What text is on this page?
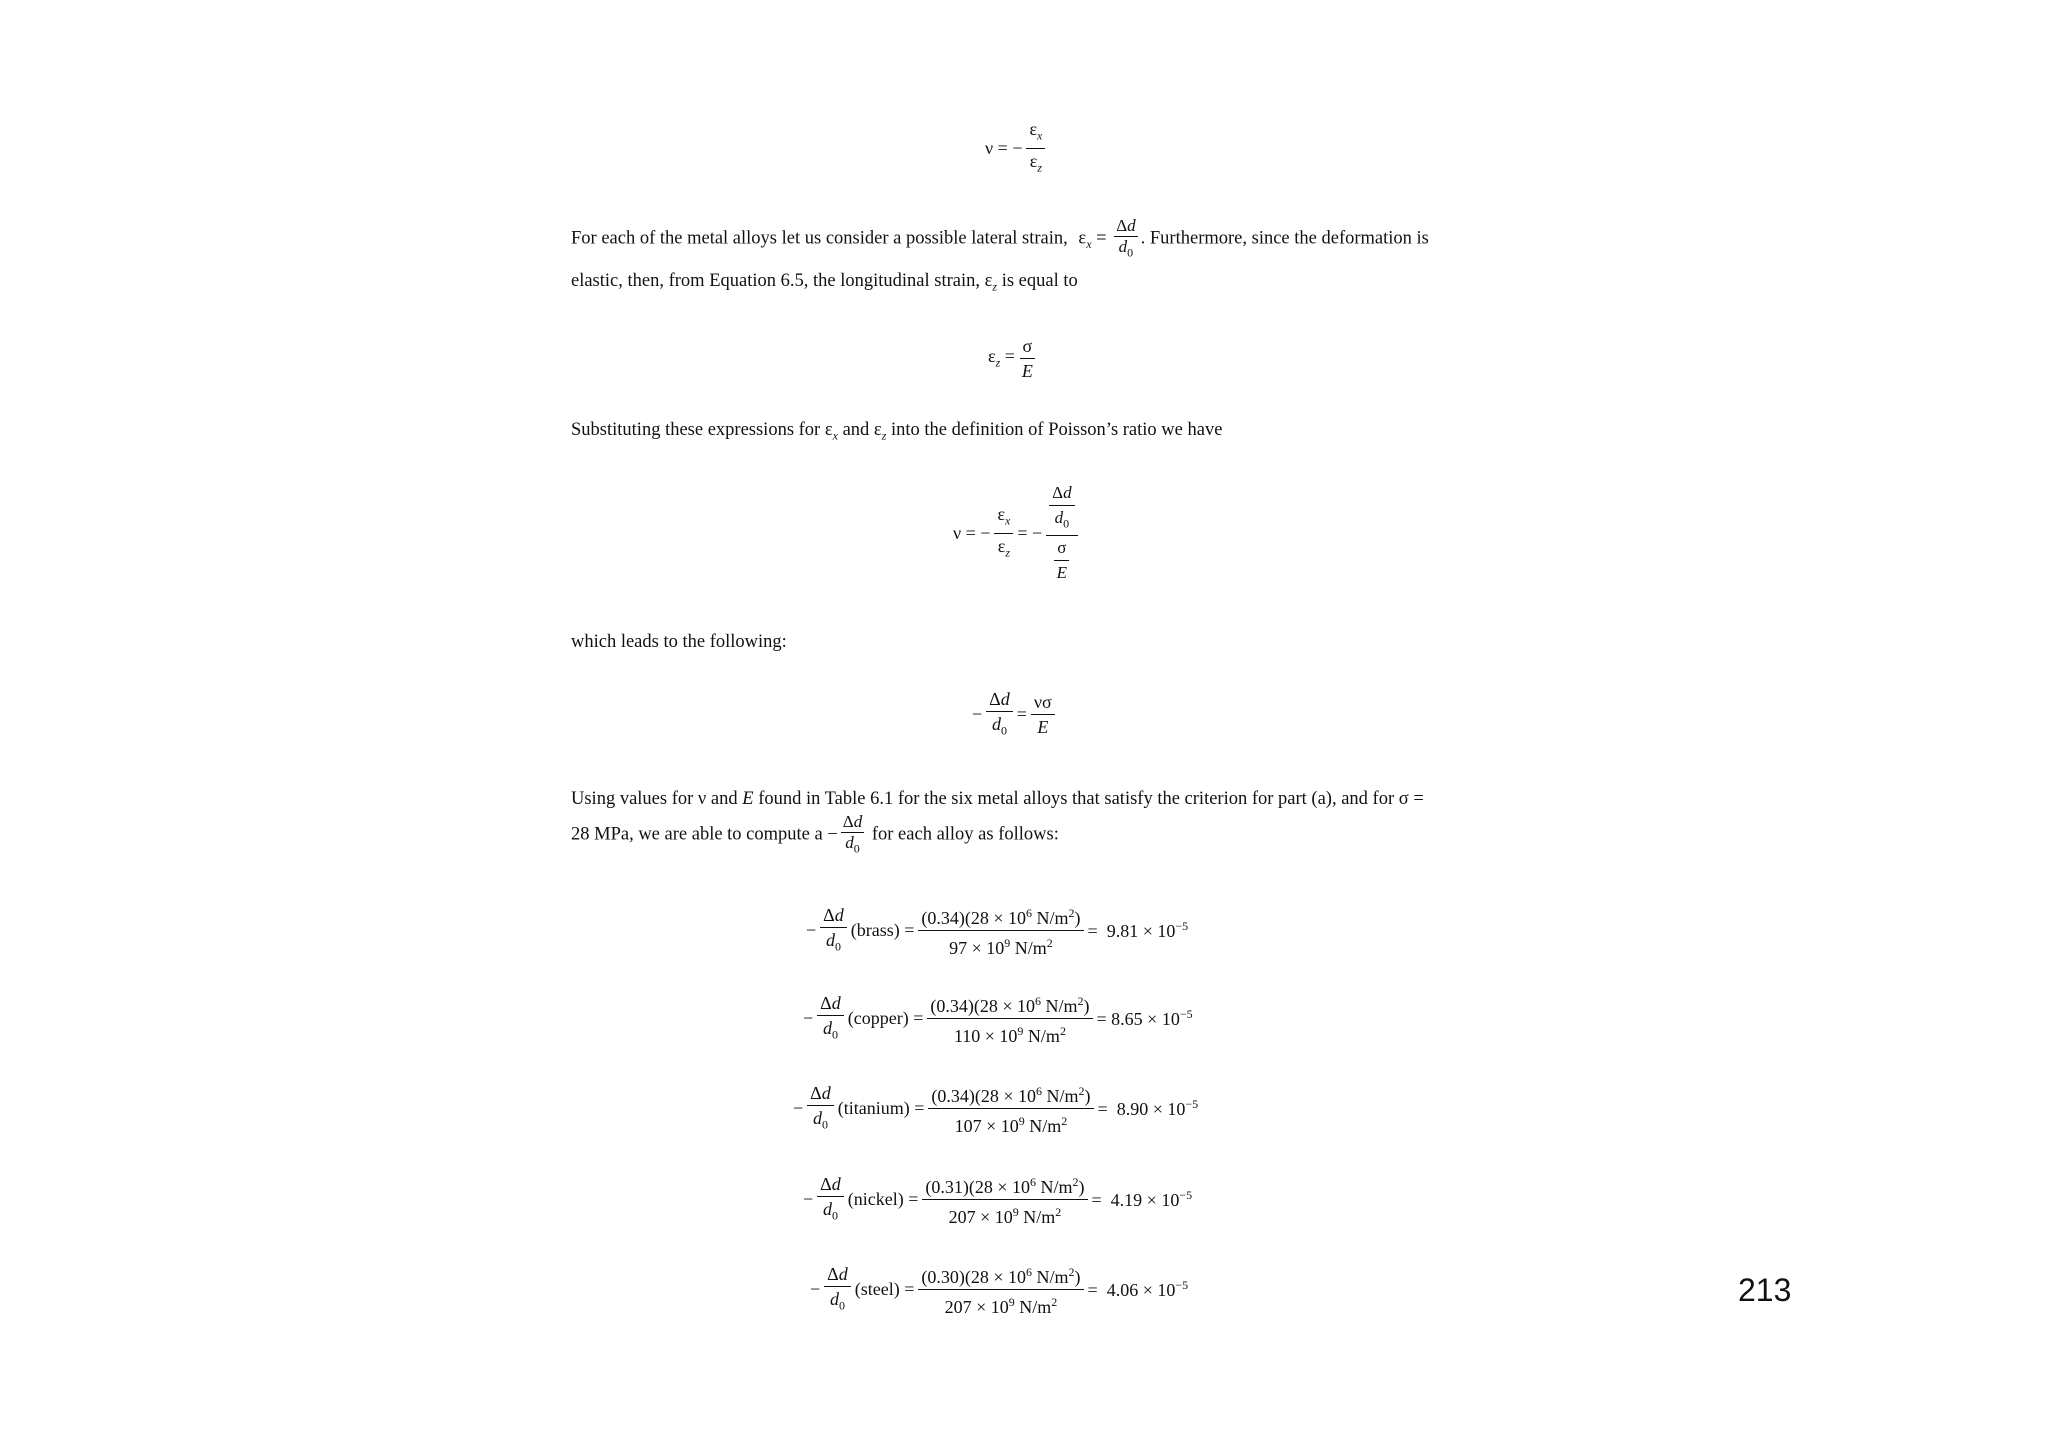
ν = − $\frac{\varepsilon_x}{\varepsilon_z}$
For each of the metal alloys let us consider a possible lateral strain, $\varepsilon_x = \frac{\Delta d}{d_0}$ . Furthermore, since the deformation is
elastic, then, from Equation 6.5, the longitudinal strain, $\varepsilon_z$ is equal to
$\varepsilon_z = \frac{\sigma}{E}$
Substituting these expressions for $\varepsilon_x$ and $\varepsilon_z$ into the definition of Poisson’s ratio we have
ν = − $\frac{\varepsilon_x}{\varepsilon_z}$ = − $\frac{\frac{\Delta d}{d_0}}{\frac{\sigma}{E}}$
which leads to the following:
− $\frac{\Delta d}{d_0} = \frac{\nu\sigma}{E}$
Using values for ν and E found in Table 6.1 for the six metal alloys that satisfy the criterion for part (a), and for σ =
28 MPa, we are able to compute $a - \frac{\Delta d}{d_0}$ for each alloy as follows:
− $\frac{\Delta d}{d_0}$ (brass) = $\frac{(0.34)(28 \times 10^6 N/m^2)}{97 \times 10^9 N/m^2} = 9.81 \times 10^{-5}$
− $\frac{\Delta d}{d_0}$ (copper) = $\frac{(0.34)(28 \times 10^6 N/m^2)}{110 \times 10^9 N/m^2} = 8.65 \times 10^{-5}$
− $\frac{\Delta d}{d_0}$ (titanium) = $\frac{(0.34)(28 \times 10^6 N/m^2)}{107 \times 10^9 N/m^2} = 8.90 \times 10^{-5}$
− $\frac{\Delta d}{d_0}$ (nickel) = $\frac{(0.31)(28 \times 10^6 N/m^2)}{207 \times 10^9 N/m^2} = 4.19 \times 10^{-5}$
− $\frac{\Delta d}{d_0}$ (steel) = $\frac{(0.30)(28 \times 10^6 N/m^2)}{207 \times 10^9 N/m^2} = 4.06 \times 10^{-5}$	213
